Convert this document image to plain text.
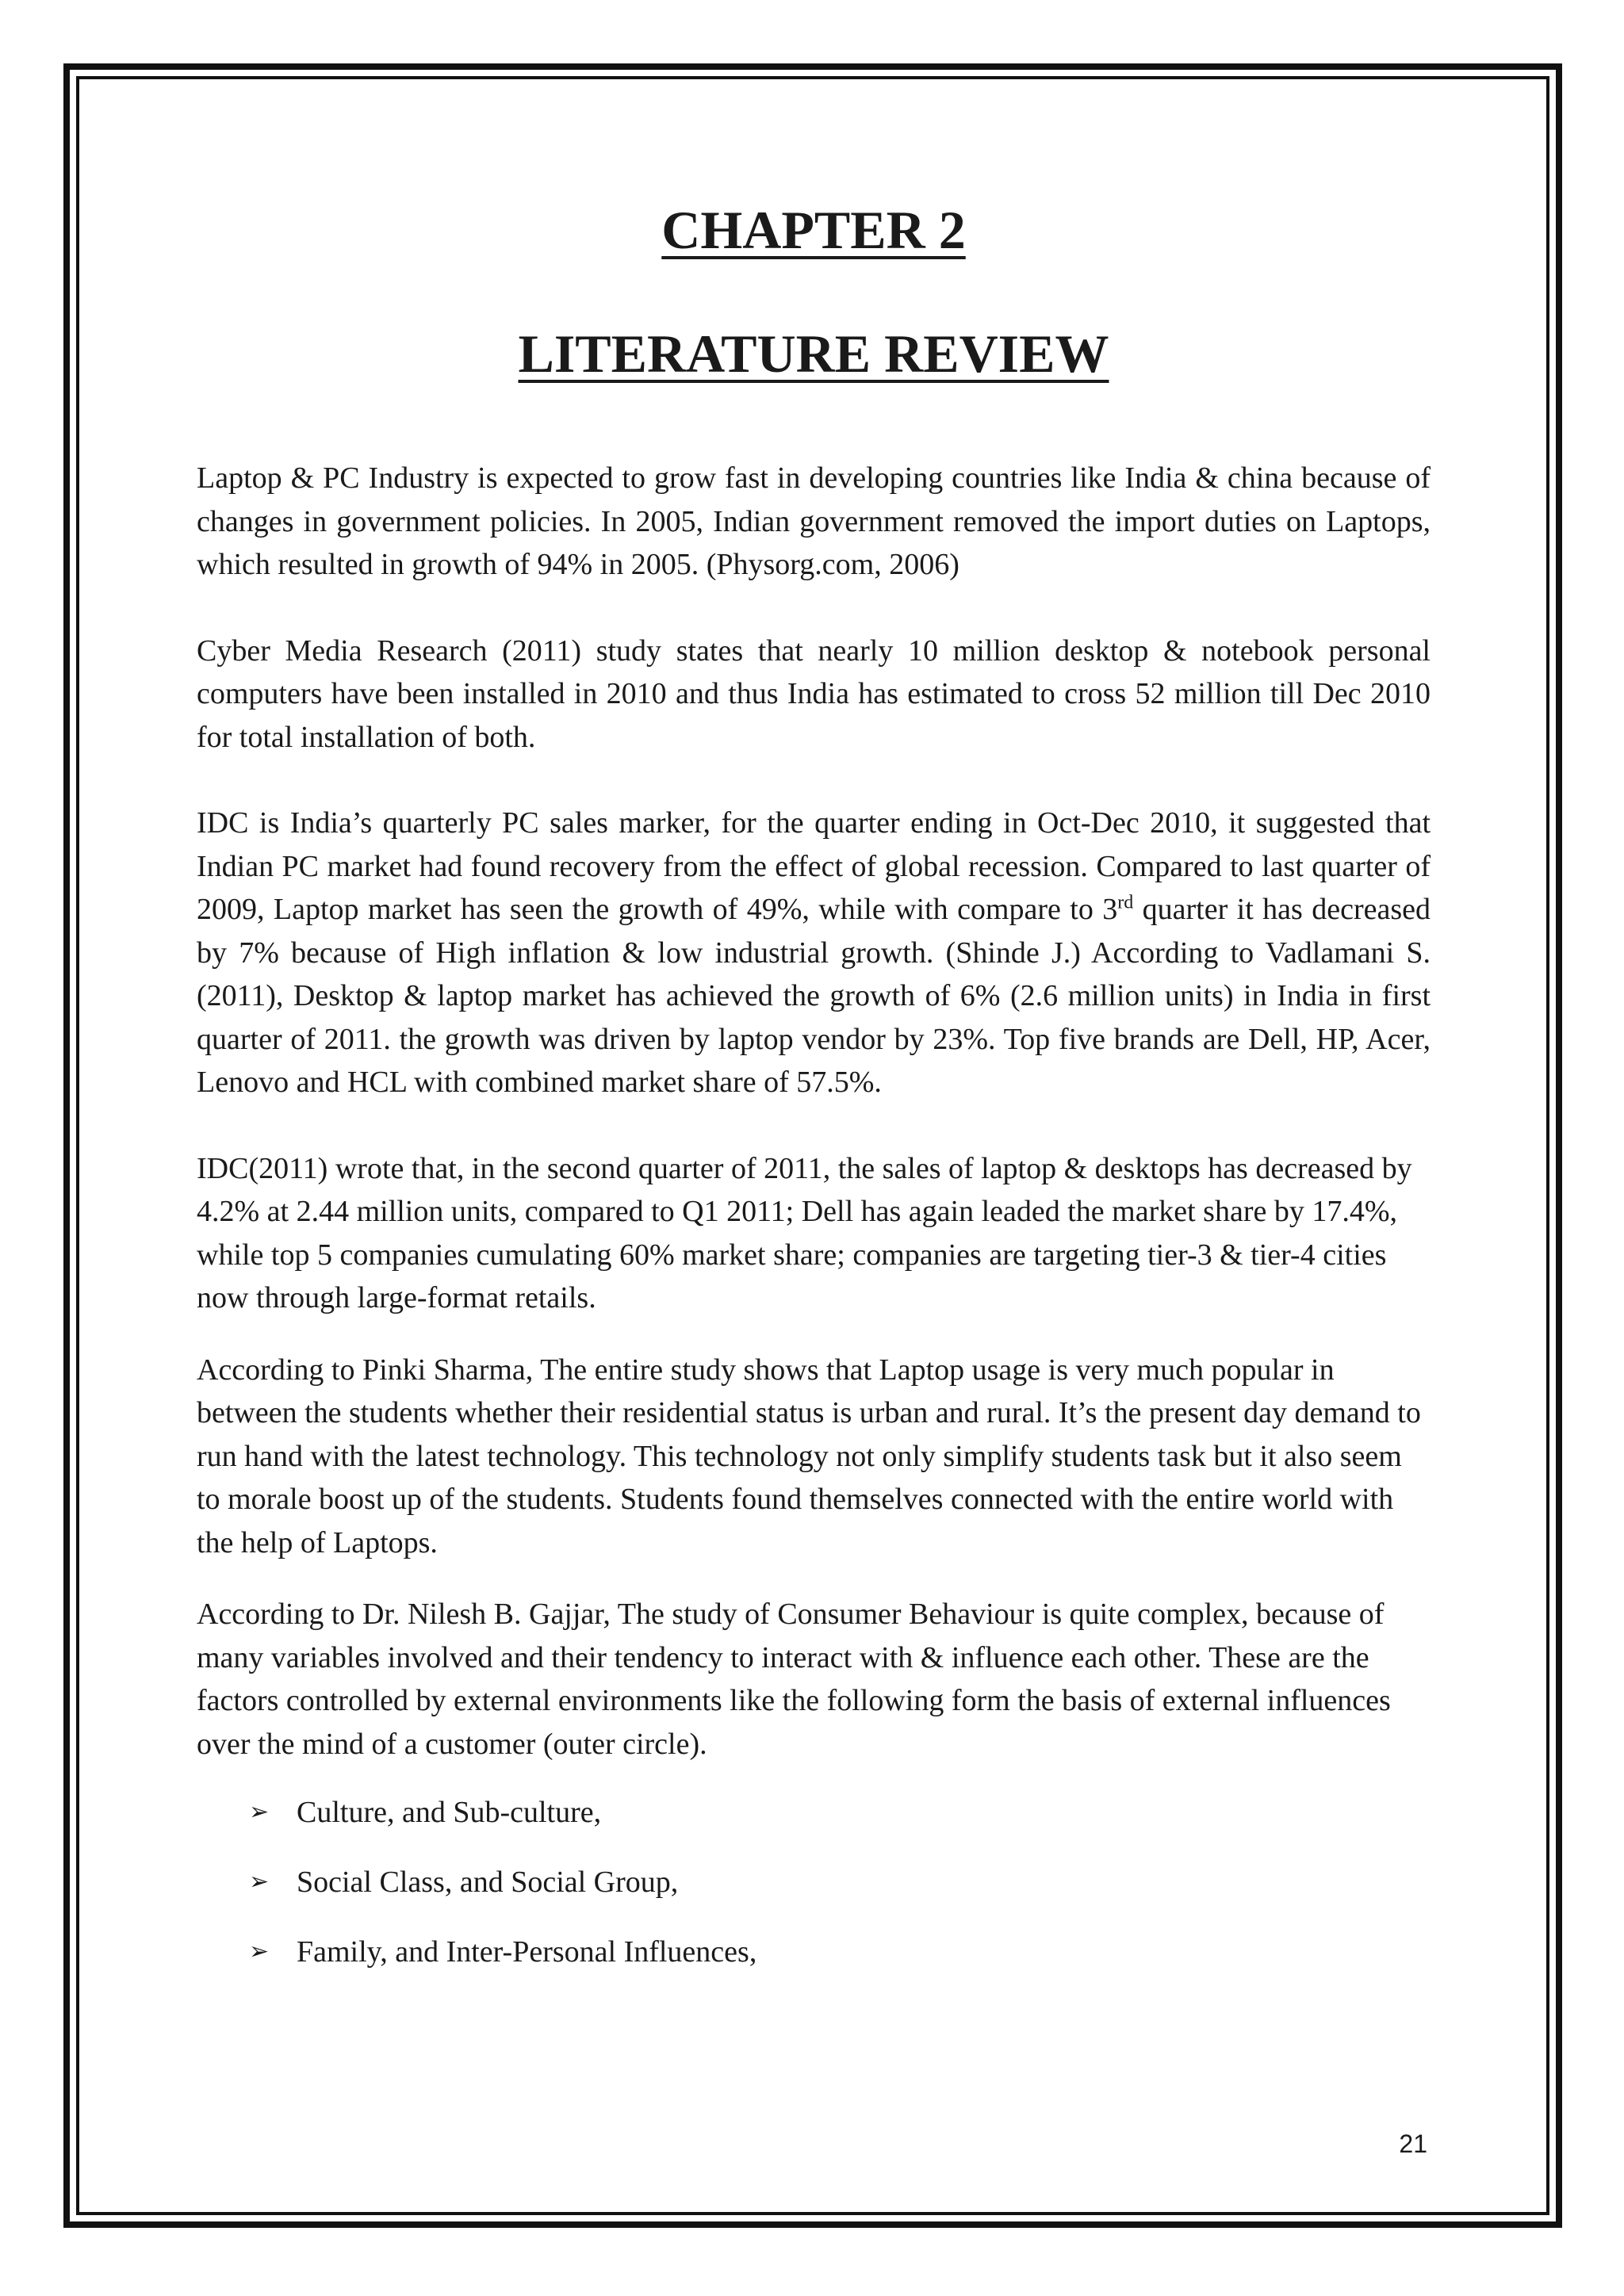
CHAPTER 2
LITERATURE REVIEW

Laptop & PC Industry is expected to grow fast in developing countries like India & china because of changes in government policies. In 2005, Indian government removed the import duties on Laptops, which resulted in growth of 94% in 2005. (Physorg.com, 2006)

Cyber Media Research (2011) study states that nearly 10 million desktop & notebook personal computers have been installed in 2010 and thus India has estimated to cross 52 million till Dec 2010 for total installation of both.

IDC is India’s quarterly PC sales marker, for the quarter ending in Oct-Dec 2010, it suggested that Indian PC market had found recovery from the effect of global recession. Compared to last quarter of 2009, Laptop market has seen the growth of 49%, while with compare to 3rd quarter it has decreased by 7% because of High inflation & low industrial growth. (Shinde J.) According to Vadlamani S.(2011), Desktop & laptop market has achieved the growth of 6% (2.6 million units) in India in first quarter of 2011. the growth was driven by laptop vendor by 23%. Top five brands are Dell, HP, Acer, Lenovo and HCL with combined market share of 57.5%.

IDC(2011) wrote that, in the second quarter of 2011, the sales of laptop & desktops has decreased by 4.2% at 2.44 million units, compared to Q1 2011; Dell has again leaded the market share by 17.4%, while top 5 companies cumulating 60% market share; companies are targeting tier-3 & tier-4 cities now through large-format retails.

According to Pinki Sharma, The entire study shows that Laptop usage is very much popular in between the students whether their residential status is urban and rural. It’s the present day demand to run hand with the latest technology. This technology not only simplify students task but it also seem to morale boost up of the students. Students found themselves connected with the entire world with the help of Laptops.

According to Dr. Nilesh B. Gajjar, The study of Consumer Behaviour is quite complex, because of many variables involved and their tendency to interact with & influence each other. These are the factors controlled by external environments like the following form the basis of external influences over the mind of a customer (outer circle).

➢ Culture, and Sub-culture,
➢ Social Class, and Social Group,
➢ Family, and Inter-Personal Influences,
21
